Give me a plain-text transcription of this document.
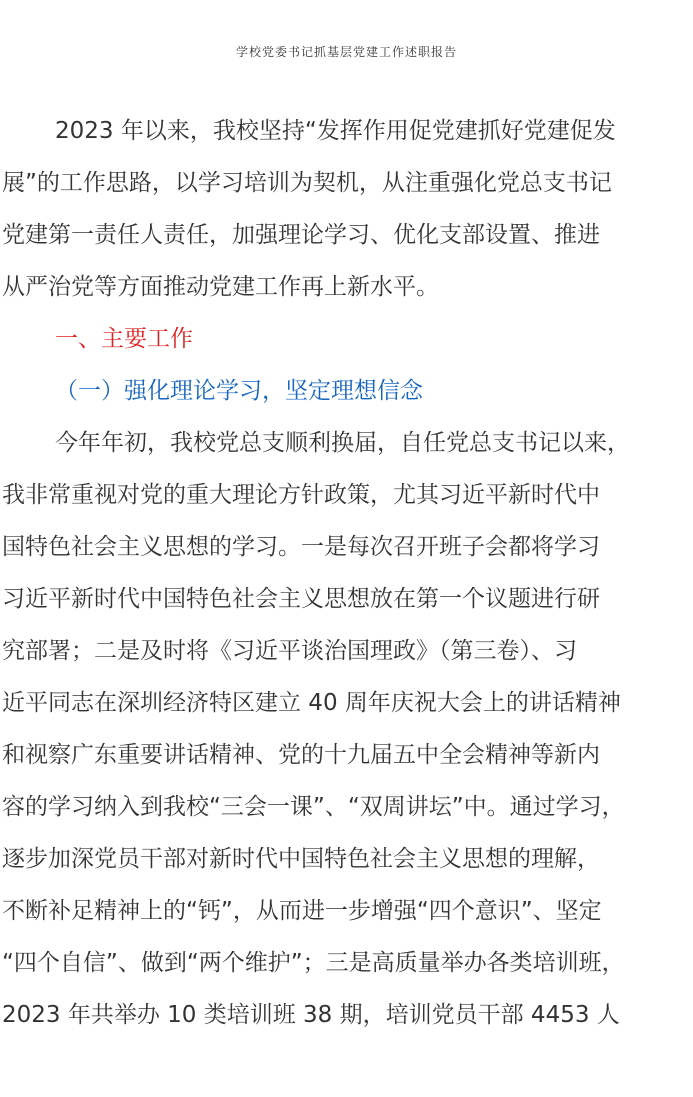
学校党委书记抓基层党建工作述职报告
2023 年以来，我校坚持“发挥作用促党建抓好党建促发
展”的工作思路，以学习培训为契机，从注重强化党总支书记
党建第一责任人责任，加强理论学习、优化支部设置、推进
从严治党等方面推动党建工作再上新水平。
一、主要工作
（一）强化理论学习，坚定理想信念
今年年初，我校党总支顺利换届，自任党总支书记以来，
我非常重视对党的重大理论方针政策，尤其习近平新时代中
国特色社会主义思想的学习。一是每次召开班子会都将学习
习近平新时代中国特色社会主义思想放在第一个议题进行研
究部署；二是及时将《习近平谈治国理政》（第三卷）、习
近平同志在深圳经济特区建立 40 周年庆祝大会上的讲话精神
和视察广东重要讲话精神、党的十九届五中全会精神等新内
容的学习纳入到我校“三会一课”、“双周讲坛”中。通过学习，
逐步加深党员干部对新时代中国特色社会主义思想的理解，
不断补足精神上的“钙”，从而进一步增强“四个意识”、坚定
“四个自信”、做到“两个维护”；三是高质量举办各类培训班，
2023 年共举办 10 类培训班 38 期，培训党员干部 4453 人
